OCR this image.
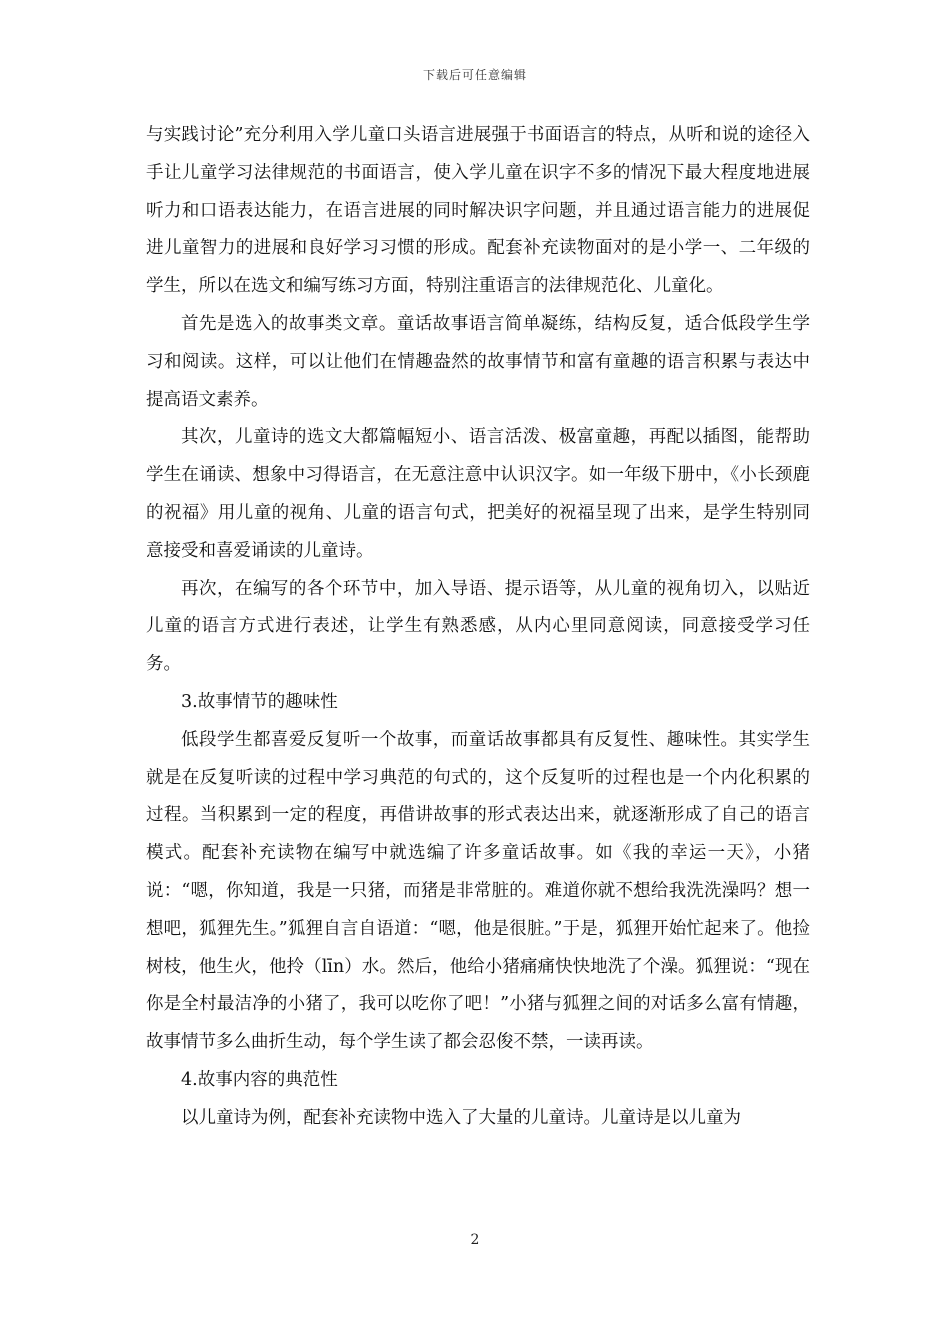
下载后可任意编辑

与实践讨论”充分利用入学儿童口头语言进展强于书面语言的特点，从听和说的途径入手让儿童学习法律规范的书面语言，使入学儿童在识字不多的情况下最大程度地进展听力和口语表达能力，在语言进展的同时解决识字问题，并且通过语言能力的进展促进儿童智力的进展和良好学习习惯的形成。配套补充读物面对的是小学一、二年级的学生，所以在选文和编写练习方面，特别注重语言的法律规范化、儿童化。

首先是选入的故事类文章。童话故事语言简单凝练，结构反复，适合低段学生学习和阅读。这样，可以让他们在情趣盎然的故事情节和富有童趣的语言积累与表达中提高语文素养。

其次，儿童诗的选文大都篇幅短小、语言活泼、极富童趣，再配以插图，能帮助学生在诵读、想象中习得语言，在无意注意中认识汉字。如一年级下册中，《小长颈鹿的祝福》用儿童的视角、儿童的语言句式，把美好的祝福呈现了出来，是学生特别同意接受和喜爱诵读的儿童诗。

再次，在编写的各个环节中，加入导语、提示语等，从儿童的视角切入，以贴近儿童的语言方式进行表述，让学生有熟悉感，从内心里同意阅读，同意接受学习任务。

3.故事情节的趣味性

低段学生都喜爱反复听一个故事，而童话故事都具有反复性、趣味性。其实学生就是在反复听读的过程中学习典范的句式的，这个反复听的过程也是一个内化积累的过程。当积累到一定的程度，再借讲故事的形式表达出来，就逐渐形成了自己的语言模式。配套补充读物在编写中就选编了许多童话故事。如《我的幸运一天》，小猪说：“嗯，你知道，我是一只猪，而猪是非常脏的。难道你就不想给我洗洗澡吗？想一想吧，狐狸先生。”狐狸自言自语道：“嗯，他是很脏。”于是，狐狸开始忙起来了。他捡树枝，他生火，他拎（līn）水。然后，他给小猪痛痛快快地洗了个澡。狐狸说：“现在你是全村最洁净的小猪了，我可以吃你了吧！”小猪与狐狸之间的对话多么富有情趣，故事情节多么曲折生动，每个学生读了都会忍俊不禁，一读再读。

4.故事内容的典范性

以儿童诗为例，配套补充读物中选入了大量的儿童诗。儿童诗是以儿童为

2
